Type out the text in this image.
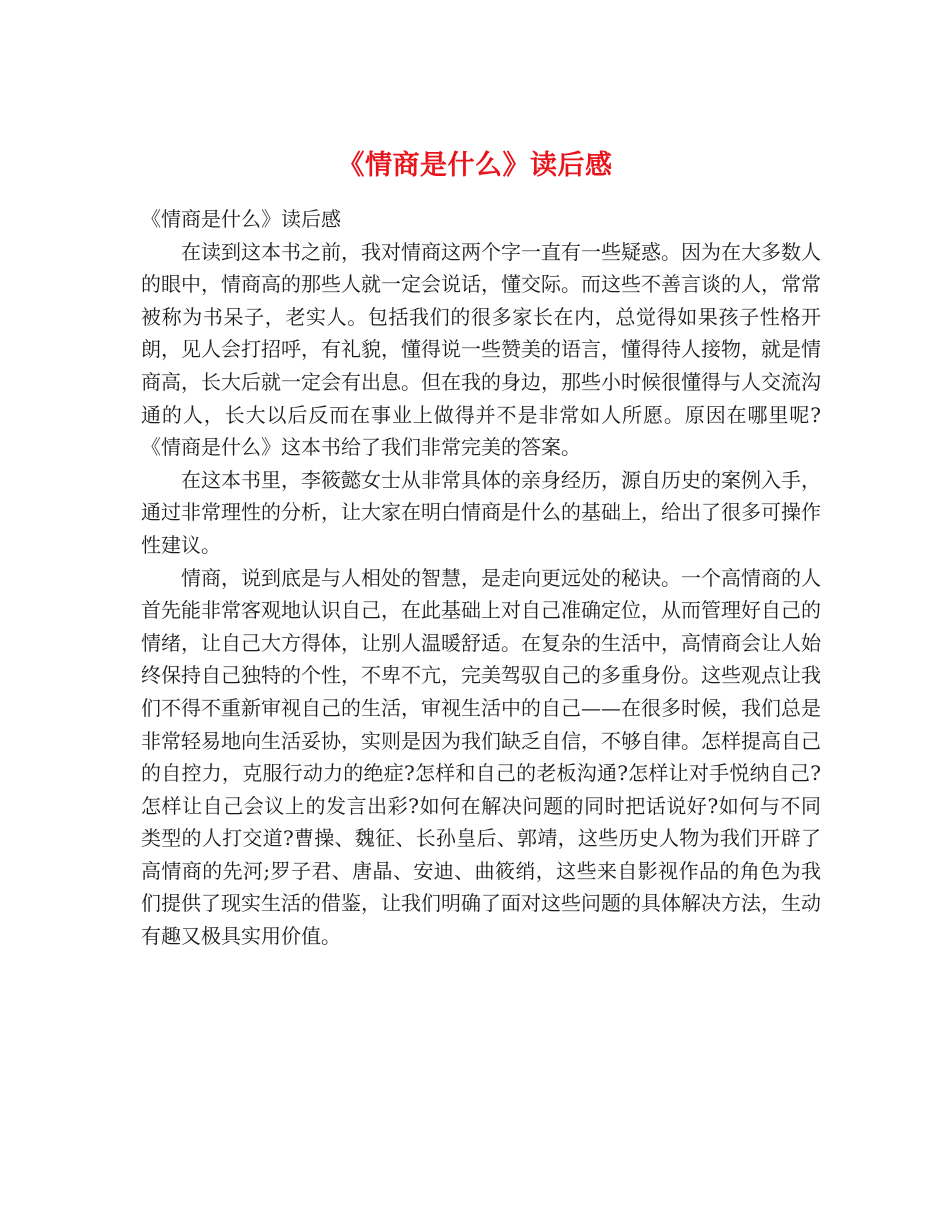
《情商是什么》读后感

《情商是什么》读后感

在读到这本书之前，我对情商这两个字一直有一些疑惑。因为在大多数人的眼中，情商高的那些人就一定会说话，懂交际。而这些不善言谈的人，常常被称为书呆子，老实人。包括我们的很多家长在内，总觉得如果孩子性格开朗，见人会打招呼，有礼貌，懂得说一些赞美的语言，懂得待人接物，就是情商高，长大后就一定会有出息。但在我的身边，那些小时候很懂得与人交流沟通的人，长大以后反而在事业上做得并不是非常如人所愿。原因在哪里呢?《情商是什么》这本书给了我们非常完美的答案。

在这本书里，李筱懿女士从非常具体的亲身经历，源自历史的案例入手，通过非常理性的分析，让大家在明白情商是什么的基础上，给出了很多可操作性建议。

情商，说到底是与人相处的智慧，是走向更远处的秘诀。一个高情商的人首先能非常客观地认识自己，在此基础上对自己准确定位，从而管理好自己的情绪，让自己大方得体，让别人温暖舒适。在复杂的生活中，高情商会让人始终保持自己独特的个性，不卑不亢，完美驾驭自己的多重身份。这些观点让我们不得不重新审视自己的生活，审视生活中的自己——在很多时候，我们总是非常轻易地向生活妥协，实则是因为我们缺乏自信，不够自律。怎样提高自己的自控力，克服行动力的绝症?怎样和自己的老板沟通?怎样让对手悦纳自己?怎样让自己会议上的发言出彩?如何在解决问题的同时把话说好?如何与不同类型的人打交道?曹操、魏征、长孙皇后、郭靖，这些历史人物为我们开辟了高情商的先河;罗子君、唐晶、安迪、曲筱绡，这些来自影视作品的角色为我们提供了现实生活的借鉴，让我们明确了面对这些问题的具体解决方法，生动有趣又极具实用价值。
